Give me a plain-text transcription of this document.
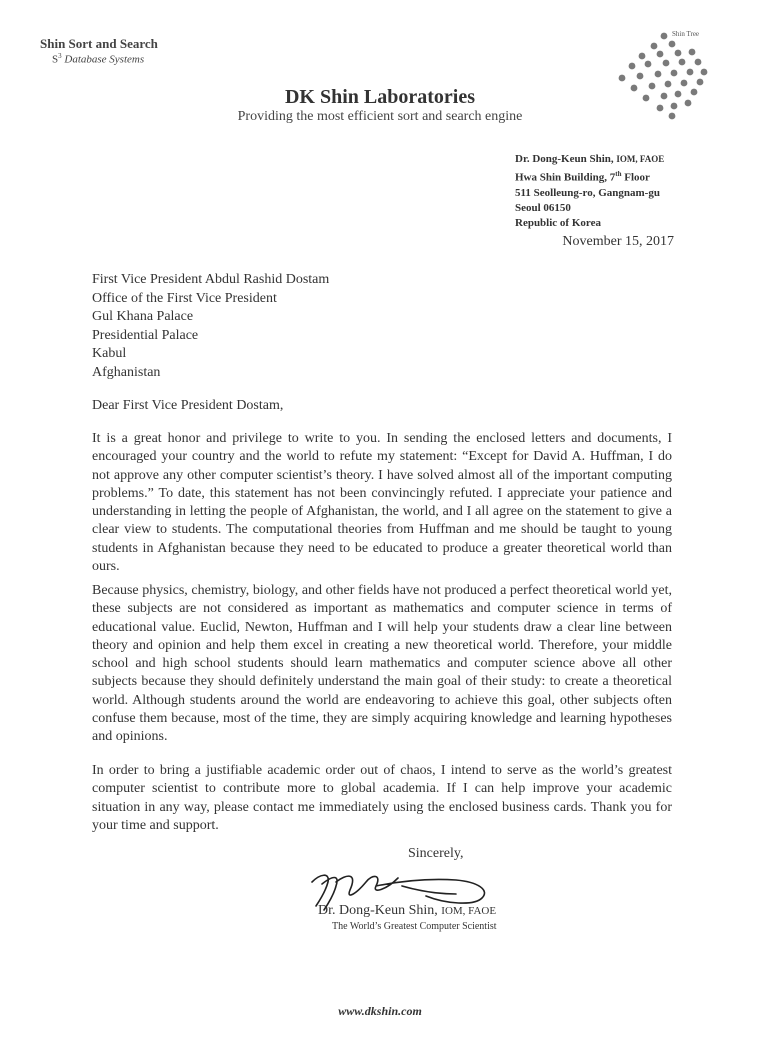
Shin Sort and Search
$S^3$ Database Systems
Shin Tree
DK Shin Laboratories
Providing the most efficient sort and search engine
Dr. Dong-Keun Shin, IOM, FAOE
Hwa Shin Building, 7th Floor
511 Seolleung-ro, Gangnam-gu
Seoul 06150
Republic of Korea
November 15, 2017
First Vice President Abdul Rashid Dostam
Office of the First Vice President
Gul Khana Palace
Presidential Palace
Kabul
Afghanistan
Dear First Vice President Dostam,
It is a great honor and privilege to write to you. In sending the enclosed letters and documents, I encouraged your country and the world to refute my statement: “Except for David A. Huffman, I do not approve any other computer scientist’s theory. I have solved almost all of the important computing problems.” To date, this statement has not been convincingly refuted. I appreciate your patience and understanding in letting the people of Afghanistan, the world, and I all agree on the statement to give a clear view to students. The computational theories from Huffman and me should be taught to young students in Afghanistan because they need to be educated to produce a greater theoretical world than ours.
Because physics, chemistry, biology, and other fields have not produced a perfect theoretical world yet, these subjects are not considered as important as mathematics and computer science in terms of educational value. Euclid, Newton, Huffman and I will help your students draw a clear line between theory and opinion and help them excel in creating a new theoretical world. Therefore, your middle school and high school students should learn mathematics and computer science above all other subjects because they should definitely understand the main goal of their study: to create a theoretical world. Although students around the world are endeavoring to achieve this goal, other subjects often confuse them because, most of the time, they are simply acquiring knowledge and learning hypotheses and opinions.
In order to bring a justifiable academic order out of chaos, I intend to serve as the world’s greatest computer scientist to contribute more to global academia. If I can help improve your academic situation in any way, please contact me immediately using the enclosed business cards. Thank you for your time and support.
Sincerely,
Dr. Dong-Keun Shin, IOM, FAOE
The World’s Greatest Computer Scientist
www.dkshin.com
